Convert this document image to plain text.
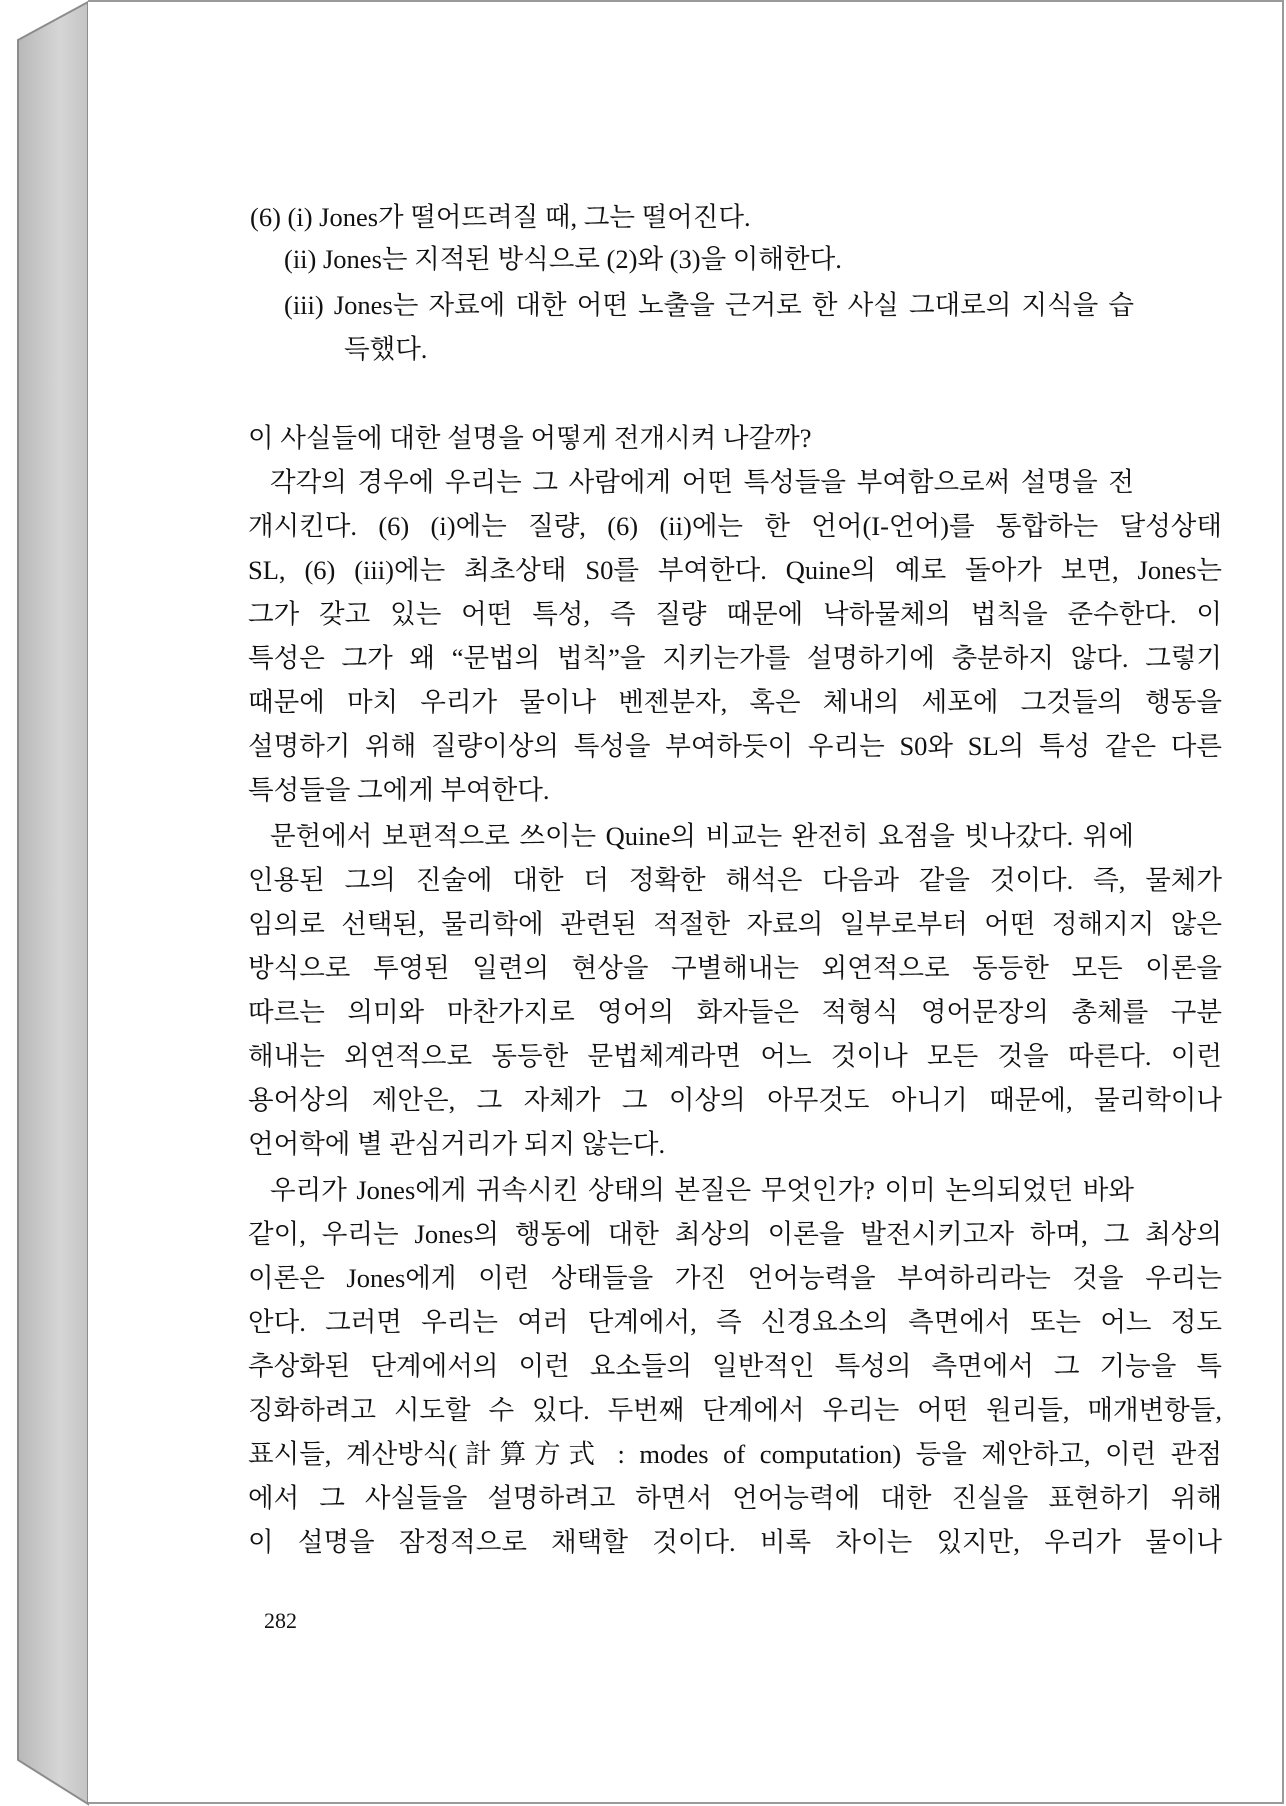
(6) (i) Jones가 떨어뜨려질 때, 그는 떨어진다.
(ii) Jones는 지적된 방식으로 (2)와 (3)을 이해한다.
(iii) Jones는 자료에 대한 어떤 노출을 근거로 한 사실 그대로의 지식을 습
득했다.
이 사실들에 대한 설명을 어떻게 전개시켜 나갈까?
각각의 경우에 우리는 그 사람에게 어떤 특성들을 부여함으로써 설명을 전
개시킨다. (6) (i)에는 질량, (6) (ii)에는 한 언어(I-언어)를 통합하는 달성상태
SL, (6) (iii)에는 최초상태 S0를 부여한다. Quine의 예로 돌아가 보면, Jones는
그가 갖고 있는 어떤 특성, 즉 질량 때문에 낙하물체의 법칙을 준수한다. 이
특성은 그가 왜 “문법의 법칙”을 지키는가를 설명하기에 충분하지 않다. 그렇기
때문에 마치 우리가 물이나 벤젠분자, 혹은 체내의 세포에 그것들의 행동을
설명하기 위해 질량이상의 특성을 부여하듯이 우리는 S0와 SL의 특성 같은 다른
특성들을 그에게 부여한다.
문헌에서 보편적으로 쓰이는 Quine의 비교는 완전히 요점을 빗나갔다. 위에
인용된 그의 진술에 대한 더 정확한 해석은 다음과 같을 것이다. 즉, 물체가
임의로 선택된, 물리학에 관련된 적절한 자료의 일부로부터 어떤 정해지지 않은
방식으로 투영된 일련의 현상을 구별해내는 외연적으로 동등한 모든 이론을
따르는 의미와 마찬가지로 영어의 화자들은 적형식 영어문장의 총체를 구분
해내는 외연적으로 동등한 문법체계라면 어느 것이나 모든 것을 따른다. 이런
용어상의 제안은, 그 자체가 그 이상의 아무것도 아니기 때문에, 물리학이나
언어학에 별 관심거리가 되지 않는다.
우리가 Jones에게 귀속시킨 상태의 본질은 무엇인가? 이미 논의되었던 바와
같이, 우리는 Jones의 행동에 대한 최상의 이론을 발전시키고자 하며, 그 최상의
이론은 Jones에게 이런 상태들을 가진 언어능력을 부여하리라는 것을 우리는
안다. 그러면 우리는 여러 단계에서, 즉 신경요소의 측면에서 또는 어느 정도
추상화된 단계에서의 이런 요소들의 일반적인 특성의 측면에서 그 기능을 특
징화하려고 시도할 수 있다. 두번째 단계에서 우리는 어떤 원리들, 매개변항들,
표시들, 계산방식(計算方式 : modes of computation) 등을 제안하고, 이런 관점
에서 그 사실들을 설명하려고 하면서 언어능력에 대한 진실을 표현하기 위해
이 설명을 잠정적으로 채택할 것이다. 비록 차이는 있지만, 우리가 물이나
282
